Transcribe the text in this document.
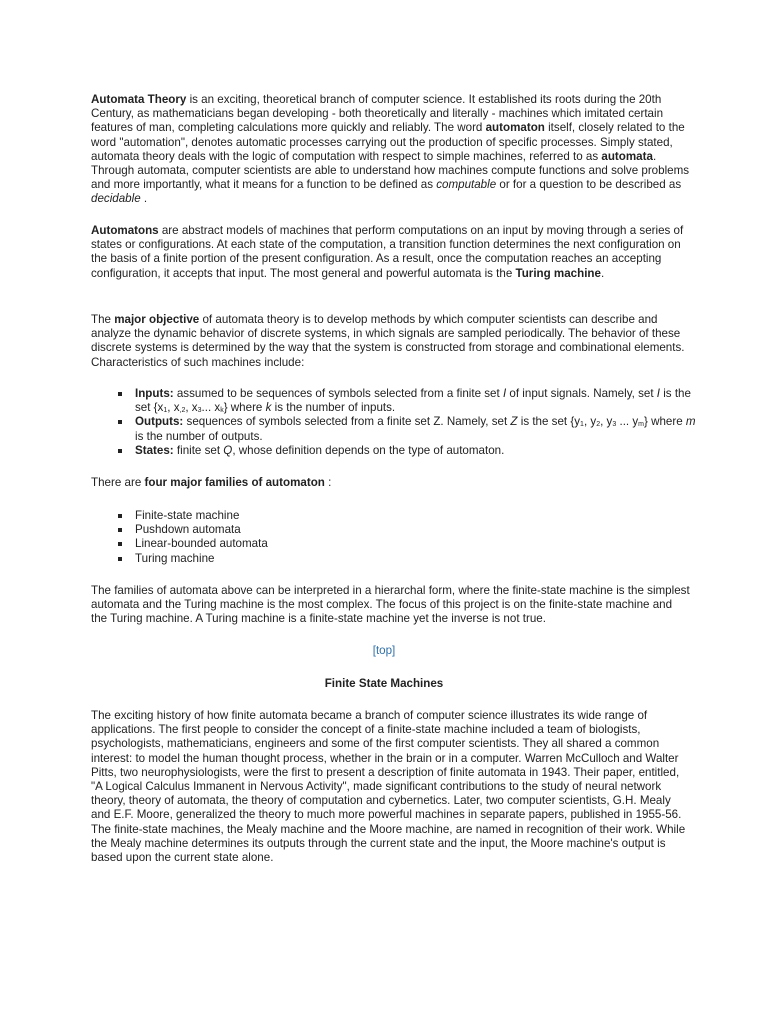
Automata Theory is an exciting, theoretical branch of computer science. It established its roots during the 20th Century, as mathematicians began developing - both theoretically and literally - machines which imitated certain features of man, completing calculations more quickly and reliably. The word automaton itself, closely related to the word "automation", denotes automatic processes carrying out the production of specific processes. Simply stated, automata theory deals with the logic of computation with respect to simple machines, referred to as automata. Through automata, computer scientists are able to understand how machines compute functions and solve problems and more importantly, what it means for a function to be defined as computable or for a question to be described as decidable .

Automatons are abstract models of machines that perform computations on an input by moving through a series of states or configurations. At each state of the computation, a transition function determines the next configuration on the basis of a finite portion of the present configuration. As a result, once the computation reaches an accepting configuration, it accepts that input. The most general and powerful automata is the Turing machine.

The major objective of automata theory is to develop methods by which computer scientists can describe and analyze the dynamic behavior of discrete systems, in which signals are sampled periodically. The behavior of these discrete systems is determined by the way that the system is constructed from storage and combinational elements. Characteristics of such machines include:

Inputs: assumed to be sequences of symbols selected from a finite set I of input signals. Namely, set I is the set {$x_1$, $x_{,2}$, $x_3$... $x_k$} where k is the number of inputs.
Outputs: sequences of symbols selected from a finite set Z. Namely, set Z is the set {$y_1$, $y_2$, $y_3$ ... $y_m$} where m is the number of outputs.
States: finite set Q, whose definition depends on the type of automaton.

There are four major families of automaton :

Finite-state machine
Pushdown automata
Linear-bounded automata
Turing machine

The families of automata above can be interpreted in a hierarchal form, where the finite-state machine is the simplest automata and the Turing machine is the most complex. The focus of this project is on the finite-state machine and the Turing machine. A Turing machine is a finite-state machine yet the inverse is not true.

[top]
Finite State Machines

The exciting history of how finite automata became a branch of computer science illustrates its wide range of applications. The first people to consider the concept of a finite-state machine included a team of biologists, psychologists, mathematicians, engineers and some of the first computer scientists. They all shared a common interest: to model the human thought process, whether in the brain or in a computer. Warren McCulloch and Walter Pitts, two neurophysiologists, were the first to present a description of finite automata in 1943. Their paper, entitled, "A Logical Calculus Immanent in Nervous Activity", made significant contributions to the study of neural network theory, theory of automata, the theory of computation and cybernetics. Later, two computer scientists, G.H. Mealy and E.F. Moore, generalized the theory to much more powerful machines in separate papers, published in 1955-56. The finite-state machines, the Mealy machine and the Moore machine, are named in recognition of their work. While the Mealy machine determines its outputs through the current state and the input, the Moore machine's output is based upon the current state alone.
